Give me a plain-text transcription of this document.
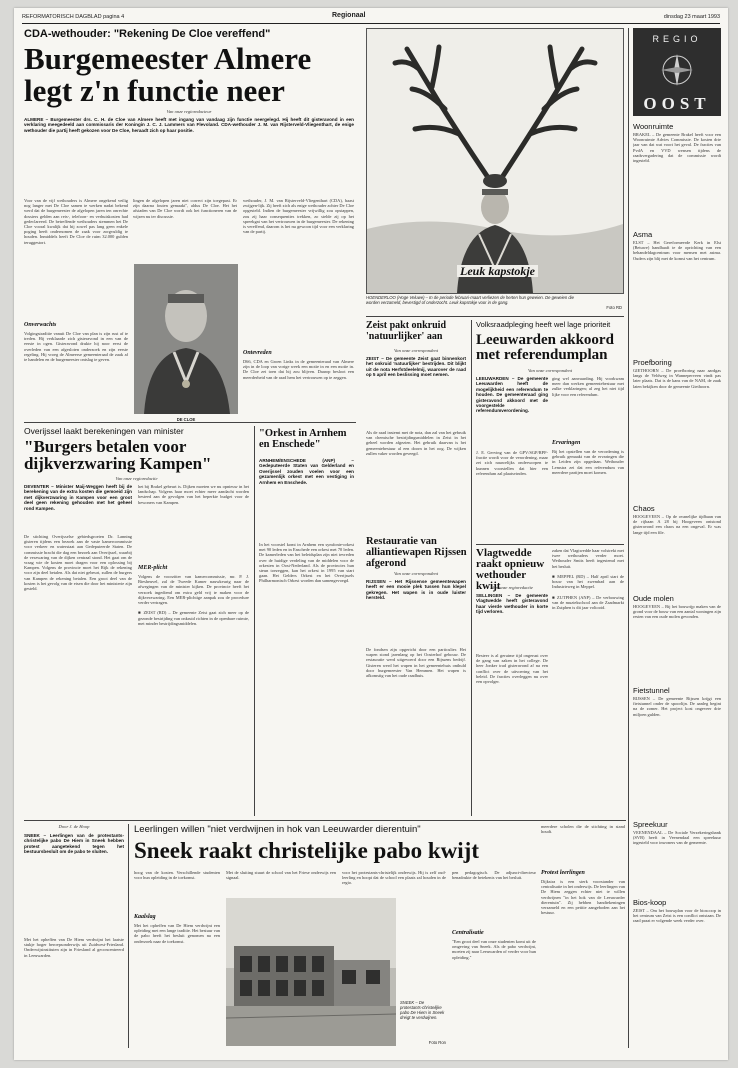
REFORMATORISCH DAGBLAD pagina 4	Regionaal	dinsdag 23 maart 1993
CDA-wethouder: "Rekening De Cloe vereffend"
Burgemeester Almere
legt z'n functie neer
Van onze regioredacteur
ALMERE – Burgemeester drs. C. H. de Cloe van Almere heeft met ingang van vandaag zijn functie neergelegd. Hij heeft dit gisteravond in een verklaring meegedeeld aan commissaris der Koningin J. C. J. Lammers van Flevoland. CDA-wethouder J. M. van Rijsterveld-Vliegenthart, de enige wethouder die partij heeft gekozen voor De Cloe, heraadt zich op haar positie.
Voor van de vijf wethouders is Almere ongekend veilig nog langer met De Cloe samen te werken nadat bekend werd dat de burgemeester de afgelopen jaren ten onrechte dossiers gelden aan reis-, telefoon- en verhuiskosten had gedeclareerd. De betreffende wethouders stemmen het De Cloe vooral kwalijk dat hij zowel pas lang geen enkele poging heeft ondernomen de zaak voor zorgvuldig te houden. Inmiddels heeft De Cloe de ruim 32.000 gulden teruggestort.
Onverwachts
Volgingstraditie vanuit De Cloe van plan is zijn rust af te treden. Hij verklaarde zich gisteravond in een van de eerste in ogen. Gisteravond drukte hij noor eerst de overleden van een afgesloten onderzoek en zijn eerste regeling. Hij vroeg de Almeerse gemeenteraad de zaak af te handelen en de burgemeester ontslag te geven.
lingen de afgelopen jaren niet correct zijn toegepast. Er zijn daarna fouten gemaakt", aldus De Cloe. Het het afstaden van De Cloe wordt ook het functioneren van de wijzen nu ter discussie.
DE CLOE
wethouder, J. M. van Rijsterveld-Vliegenthart (CDA), baast zwijgen-lijk. Zij heeft zich als enige wethouder achter De Cloe opgesteld. Indien de burgemeester vrijwillig zou opstappen, zou zij haar consequenties trekken, zo stelde zij op het spreekgat van het vertrouwen in de burgemeester. De rekening is vereffend, daarom is het nu gewoon tijd voor een verklaring van de partij.
Ontevreden
D66, CDA en Groen Links in de gemeenteraad van Almere zijn in de loop van vorige week een motie in en een motie in. De Cloe zei toen dat hij zou blijven. Daarop besloot een meerderheid van de raad hem het vertrouwen op te zeggen.
Overijssel laakt berekeningen van minister
"Burgers betalen voor dijkverzwaring Kampen"
Van onze regioredactie
DEVENTER – Minister Maij-Weggen heeft bij de berekening van de extra kosten die gemoeid zijn met dijkverzwaring in Kampen voor een groot deel geen rekening gehouden met het geheel rond Kampen.
De stichting Overijsselse gebiedsgroeien Dr. Lanning gisteren tijdens een bezoek aan de vaste kamercommissie voor verkeer en waterstaat aan Gedeputeerde Staten. De commissie bracht die dag een bezoek aan Overijssel, waarbij de verzwaring van de dijken centraal stond. Het gaat om de vraag wie de kosten moet dragen voor een oplossing bij Kampen. Volgens de provincie moet het Rijk de rekening voor zijn deel betalen. Als dat niet gebeurt, zullen de burgers van Kampen de rekening betalen. Een groot deel van de kosten is het gevolg van de eisen die door het ministerie zijn gesteld.
het bij Brakel gebeurt is. Dijken moeten we nu opnieuw in het landschap. Volgens haar moet echter meer aandacht worden besteed aan de gevolgen van het beperkte budget voor de bewoners van Kampen.
MER-plicht
Volgens de voorzitter van kamercommissie, mr. P. J. Biesheuvel, zal de Tweede Kamer nauwkeurig naar de afwegingen van de minister kijken. De provincie heeft het verzoek ingediend om extra geld vrij te maken voor de dijkverzwaring. Een MER-plichtige aanpak zou de procedure verder vertragen.

■ ZEIST (RD) – De gemeente Zeist gaat zich meer op de gezonde bestrijding van onkruid richten in de openbare ruimte, met minder bestrijdingsmiddelen.
"Orkest in Arnhem en Enschede"
ARNHEM/ENSCHEDE (ANP) – Gedeputeerde Staten van Gelderland en Overijssel zouden voelen voor een gezamenlijk orkest met een vestiging in Arnhem en Enschede.
In het voorstel komt in Arnhem een symfonie-orkest met 90 leden en in Enschede een orkest met 70 leden. De kamerleden van het beleidsplan zijn niet tevreden over de huidige verdeling van de middelen voor de orkesten in Oost-Nederland. Als de provincies hun steun toezeggen, kan het orkest in 1995 van start gaan. Het Gelders Orkest en het Overijssels Philharmonisch Orkest worden dan samengevoegd.
Leuk kapstokje
HOENDERLOO (Hoge Veluwe) – In de periode februari-maart verliezen de herten hun geweien. De geweien die worden verzameld, bevestigd of onderzocht. Leuk kapstokje voor in de gang.
Foto RD
Zeist pakt onkruid 'natuurlijker' aan
Van onze correspondent
ZEIST – De gemeente Zeist gaat binnenkort het onkruid 'natuurlijker' bestrijden. Dit blijkt uit de nota Herfstdeelelmij, waarover de raad op 5 april een beslissing moet nemen.
Als de raad instemt met de nota, dan zal van het gebruik van chemische bestrijdingsmiddelen in Zeist in het geheel worden afgezien. Het gebruik daarvan is het gemeentebestuur al een doorn in het oog. De wijken zullen vaker worden geveegd.
Restauratie van alliantiewapen Rijssen afgerond
Van onze correspondent
RIJSSEN – Het Rijssense gemeentewapen heeft er een mooie plek tussen hun klepel gekregen. Het wapen is in oude luister hersteld.
De fondsen zijn opgericht door een particulier. Het wapen stond jarenlang op het Oosterhof gebouw. De restauratie werd uitgevoerd door een Rijssens bedrijf. Gisteren werd het wapen in het gemeentehuis onthuld door burgemeester Van Hemmen. Het wapen is afkomstig van het oude raadhuis.
Volksraadpleging heeft wel lage prioriteit
Leeuwarden akkoord met referendumplan
Van onze correspondent
LEEUWARDEN – De gemeente Leeuwarden heeft de mogelijkheid een referendum te houden. De gemeenteraad ging gisteravond akkoord met de voorgestelde referendumverordening.
J. E. Gerving van de GPV/SGP/RPF-fractie wordt voor de verordening, maar zei zich nauwelijks onderworpen te kunnen voorstellen dat hier een referendum zal plaatsvinden.
ging wel aanvaarding. Hij voorkwam meer dan werken gemeentebestuur met zulke verklaringen; al zeg het niet tijd lijke voor een referendum.
Ervaringen
Bij het opstellen van de verordening is gebruik gemaakt van de ervaringen die in Leiden zijn opgedaan. Wethouder Lemstra zei dat een referendum van meerdere partijen moet komen.
Vlagtwedde raakt opnieuw wethouder kwijt
Van onze regioredactie
SELLINGEN – De gemeente Vlagtwedde heeft gisteravond haar vierde wethouder in korte tijd verloren.
Besteer is al geruime tijd ongerust over de gang van zaken in het college. De heer Jonker trad gisteravond af na een conflict over de uitvoering van het beleid. De fracties overleggen nu over een opvolger.
zaken dat Vlagtwedde haar volstrekt met twee wethouders verder moet. Wethouder Smits heeft ingestemd met het besluit.

■ MEPPEL (RD) – Half april start de bouw van het zwembad aan de Industrieweg in Meppel.

■ ZUTPHEN (ANP) – De verbouwing van de muziekschool aan de Zaadmarkt in Zutphen is dit jaar voltooid.
REGIO
OOST
Woonruimte
BRAKEL – De gemeente Brakel heeft voor een Woonruimte Advies Commissie. De kosten drie jaar van dat wat voort het geval. De fracties van PvdA en VVD wensen tijdens de raadsvergadering dat de commissie wordt ingesteld.
Asma
ELST – Het Gereformeerde Kerk in Elst (Betuwe) handhaaft te de oprichting van een behandeldagcentrum voor mensen met astma. Ouders zijn blij met de komst van het centrum.
Proefboring
GIETHOORN – De proefboring naar aardgas langs de Veldweg in Wanneperveen vindt pas later plaats. Dat is de kans van de NAM, de zaak laten bekijken door de gemeente Giethoorn.
Chaos
HOOGEVEEN – Op de ovanelijke tijdbaan van de rijbaan A 28 bij Hoogeveen ontstond gisteravond een chaos na een ongeval. Er was lange tijd een file.
Oude molen
HOOGEVEEN – Bij het bouwrijp maken van de grond voor de bouw van een aantal woningen zijn resten van een oude molen gevonden.
Fietstunnel
RIJSSEN – De gemeente Rijssen krijgt een fietstunnel onder de spoorlijn. De aanleg begint na de zomer. Het project kost ongeveer drie miljoen gulden.
Spreekuur
VEENENDAAL – De Sociale Verzekeringsbank (SVB) heeft in Veenendaal een spreekuur ingesteld voor inwoners van de gemeente.
Bios-koop
ZEIST – Om het bouwplan voor de bioscoop in het centrum van Zeist is een conflict ontstaan. De raad praat er volgende week verder over.
Door J. de Hoop
SNEEK – Leerlingen van de protestants-christelijke pabo De Hiem in Sneek hebben protest aangetekend tegen het bestuursbesluit om de pabo te sluiten.
Met het opheffen van De Hiem verdwijnt het laatste stukje hoger beroepsonderwijs uit Zuidwest-Friesland. Onderwijsinstituten zijn in Friesland al geconcentreerd in Leeuwarden.
Leerlingen willen "niet verdwijnen in hok van Leeuwarder dierentuin"
Sneek raakt christelijke pabo kwijt
hoog van de kosten. Verschillende studenten voor hun opleiding in de toekomst.
Kaalslag
Met het opheffen van De Hiem verdwijnt een opleiding met een lange traditie. Het bestuur van de pabo heeft het besluit genomen na een onderzoek naar de toekomst.
Met de sluiting stuurt de school van het Friese onderwijs een signaal.
SNEEK – De protestants-christelijke pabo De Hiem in Sneek dreigt te verdwijnen.
Foto Ron
voor het protestants-christelijk onderwijs. Hij is zelf oud-leerling en hoopt dat de school een plaats zal houden in de regio.
pen pedagogisch. De adjunct-directeur benadrukte de betekenis van het besluit.
Centralisatie
"Een groot deel van onze studenten komt uit de omgeving van Sneek. Als de pabo verdwijnt, moeten zij naar Leeuwarden of verder voor hun opleiding."
meerdere scholen die de stichting in stand houdt.
Protest leerlingen
Dijkstra is een sterk voorstander van centralisatie in het onderwijs. De leerlingen van De Hiem zeggen echter niet te willen verdwijnen "in het hok van de Leeuwarder dierentuin". Zij hebben handtekeningen verzameld en een petitie aangeboden aan het bestuur.
